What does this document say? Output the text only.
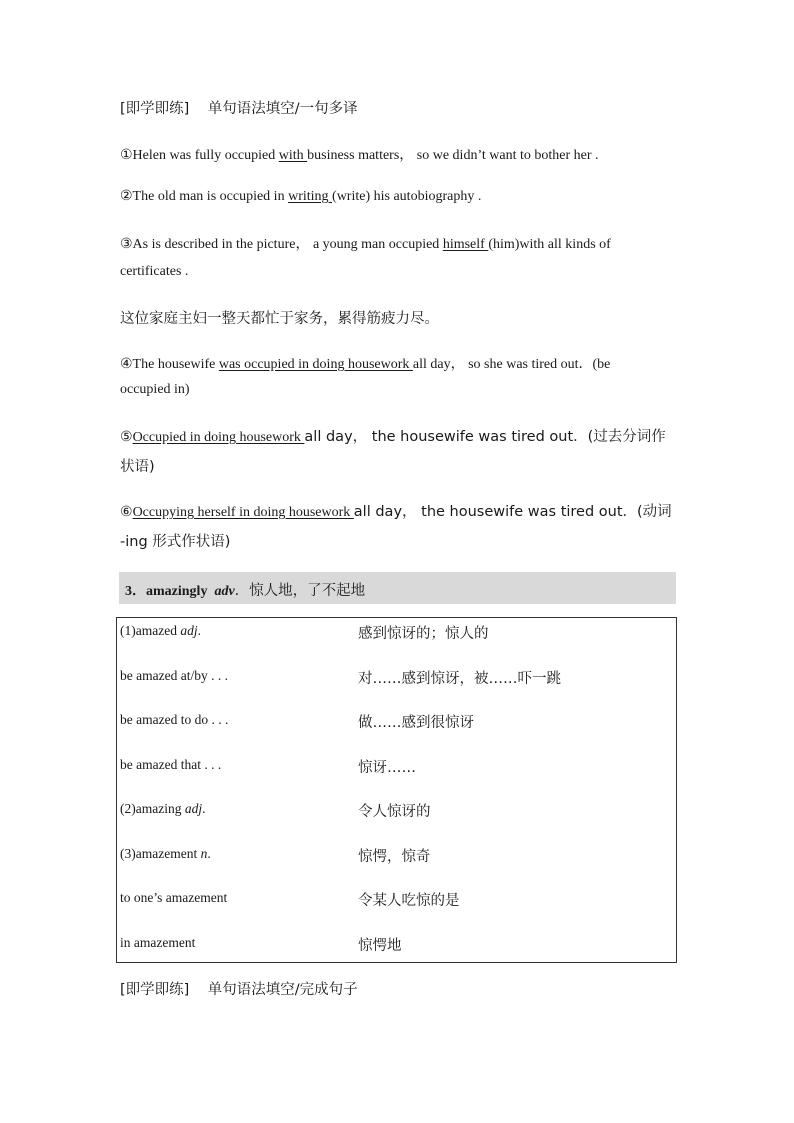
[即学即练] 单句语法填空/一句多译
①Helen was fully occupied with business matters， so we didn’t want to bother her .
②The old man is occupied in writing (write) his autobiography .
③As is described in the picture， a young man occupied himself (him)with all kinds of
certificates .
这位家庭主妇一整天都忙于家务，累得筋疲力尽。
④The housewife was occupied in doing housework all day， so she was tired out．(be
occupied in)
⑤Occupied in doing housework all day， the housewife was tired out．(过去分词作
状语)
⑥Occupying herself in doing housework all day， the housewife was tired out．(动词
-ing 形式作状语)
3．amazingly adv．惊人地，了不起地
(1)amazed adj.	感到惊讶的；惊人的
be amazed at/by . . .	对……感到惊讶，被……吓一跳
be amazed to do . . .	做……感到很惊讶
be amazed that . . .	惊讶……
(2)amazing adj.	令人惊讶的
(3)amazement n.	惊愕，惊奇
to one’s amazement	令某人吃惊的是
in amazement	惊愕地
[即学即练] 单句语法填空/完成句子
